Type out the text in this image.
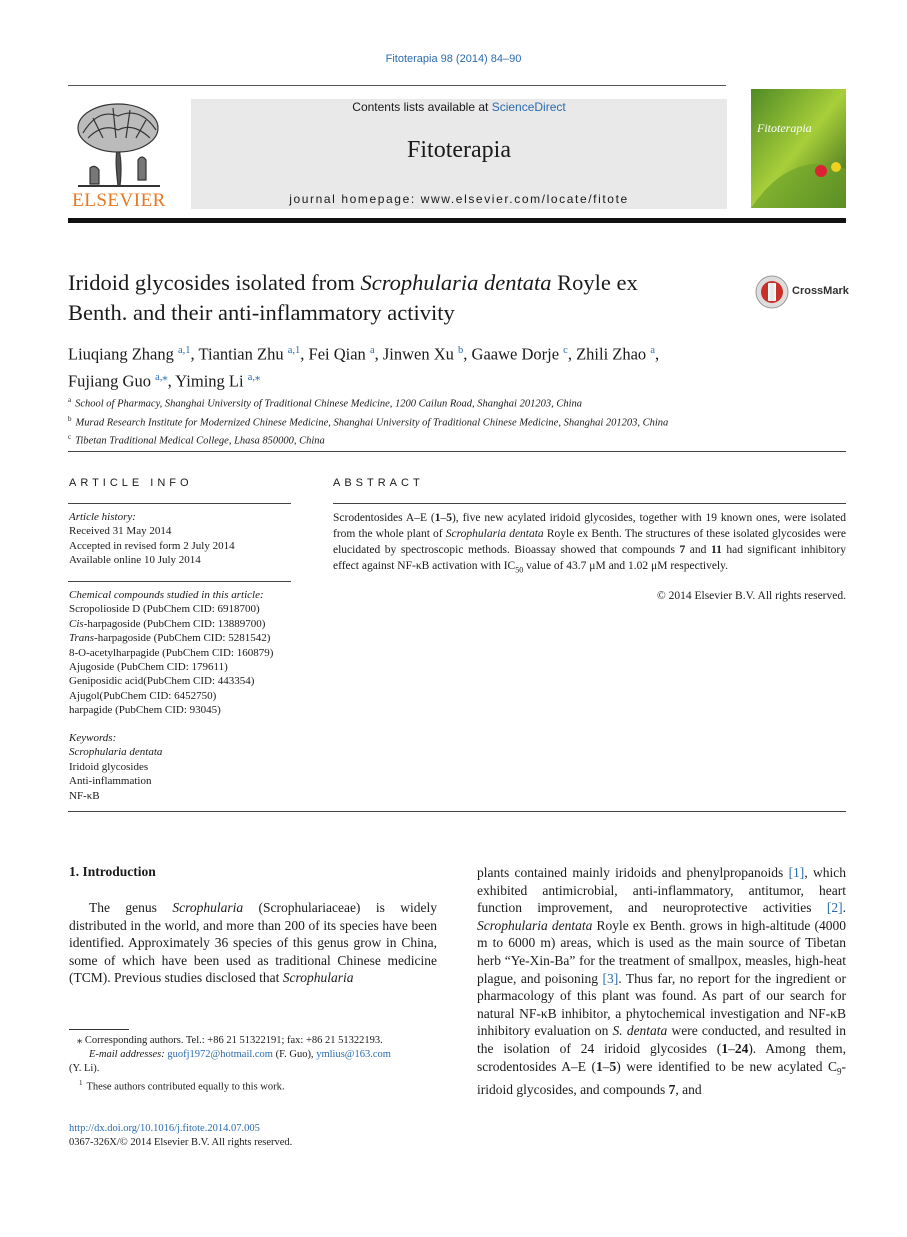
Fitoterapia 98 (2014) 84–90
ELSEVIER
Contents lists available at ScienceDirect
Fitoterapia
journal homepage: www.elsevier.com/locate/fitote
Fitoterapia
Iridoid glycosides isolated from Scrophularia dentata Royle ex
Benth. and their anti-inflammatory activity
CrossMark
Liuqiang Zhang $^{a,1}$, Tiantian Zhu $^{a,1}$, Fei Qian $^a$, Jinwen Xu $^b$, Gaawe Dorje $^c$, Zhili Zhao $^a$,
Fujiang Guo $^{a,⁎}$, Yiming Li $^{a,⁎}$
$^a$ School of Pharmacy, Shanghai University of Traditional Chinese Medicine, 1200 Cailun Road, Shanghai 201203, China
$^b$ Murad Research Institute for Modernized Chinese Medicine, Shanghai University of Traditional Chinese Medicine, Shanghai 201203, China
$^c$ Tibetan Traditional Medical College, Lhasa 850000, China
ARTICLE INFO
Article history:
Received 31 May 2014
Accepted in revised form 2 July 2014
Available online 10 July 2014
Chemical compounds studied in this article:
Scropolioside D (PubChem CID: 6918700)
Cis-harpagoside (PubChem CID: 13889700)
Trans-harpagoside (PubChem CID: 5281542)
8-O-acetylharpagide (PubChem CID: 160879)
Ajugoside (PubChem CID: 179611)
Geniposidic acid(PubChem CID: 443354)
Ajugol(PubChem CID: 6452750)
harpagide (PubChem CID: 93045)
Keywords:
Scrophularia dentata
Iridoid glycosides
Anti-inflammation
NF-κB
ABSTRACT
Scrodentosides A–E (1–5), five new acylated iridoid glycosides, together with 19 known ones, were isolated from the whole plant of Scrophularia dentata Royle ex Benth. The structures of these isolated glycosides were elucidated by spectroscopic methods. Bioassay showed that compounds 7 and 11 had significant inhibitory effect against NF-κB activation with $IC_{50}$ value of 43.7 μM and 1.02 μM respectively.
© 2014 Elsevier B.V. All rights reserved.
1. Introduction
The genus Scrophularia (Scrophulariaceae) is widely distributed in the world, and more than 200 of its species have been identified. Approximately 36 species of this genus grow in China, some of which have been used as traditional Chinese medicine (TCM). Previous studies disclosed that Scrophularia
plants contained mainly iridoids and phenylpropanoids [1], which exhibited antimicrobial, anti-inflammatory, antitumor, heart function improvement, and neuroprotective activities [2]. Scrophularia dentata Royle ex Benth. grows in high-altitude (4000 m to 6000 m) areas, which is used as the main source of Tibetan herb “Ye-Xin-Ba” for the treatment of smallpox, measles, high-heat plague, and poisoning [3]. Thus far, no report for the ingredient or pharmacology of this plant was found. As part of our search for natural NF-κB inhibitor, a phytochemical investigation and NF-κB inhibitory evaluation on S. dentata were conducted, and resulted in the isolation of 24 iridoid glycosides (1–24). Among them, scrodentosides A–E (1–5) were identified to be new acylated $C_9$-iridoid glycosides, and compounds 7, and
⁎ Corresponding authors. Tel.: +86 21 51322191; fax: +86 21 51322193.
E-mail addresses: guofj1972@hotmail.com (F. Guo), ymlius@163.com
(Y. Li).
$^1$ These authors contributed equally to this work.
http://dx.doi.org/10.1016/j.fitote.2014.07.005
0367-326X/© 2014 Elsevier B.V. All rights reserved.
